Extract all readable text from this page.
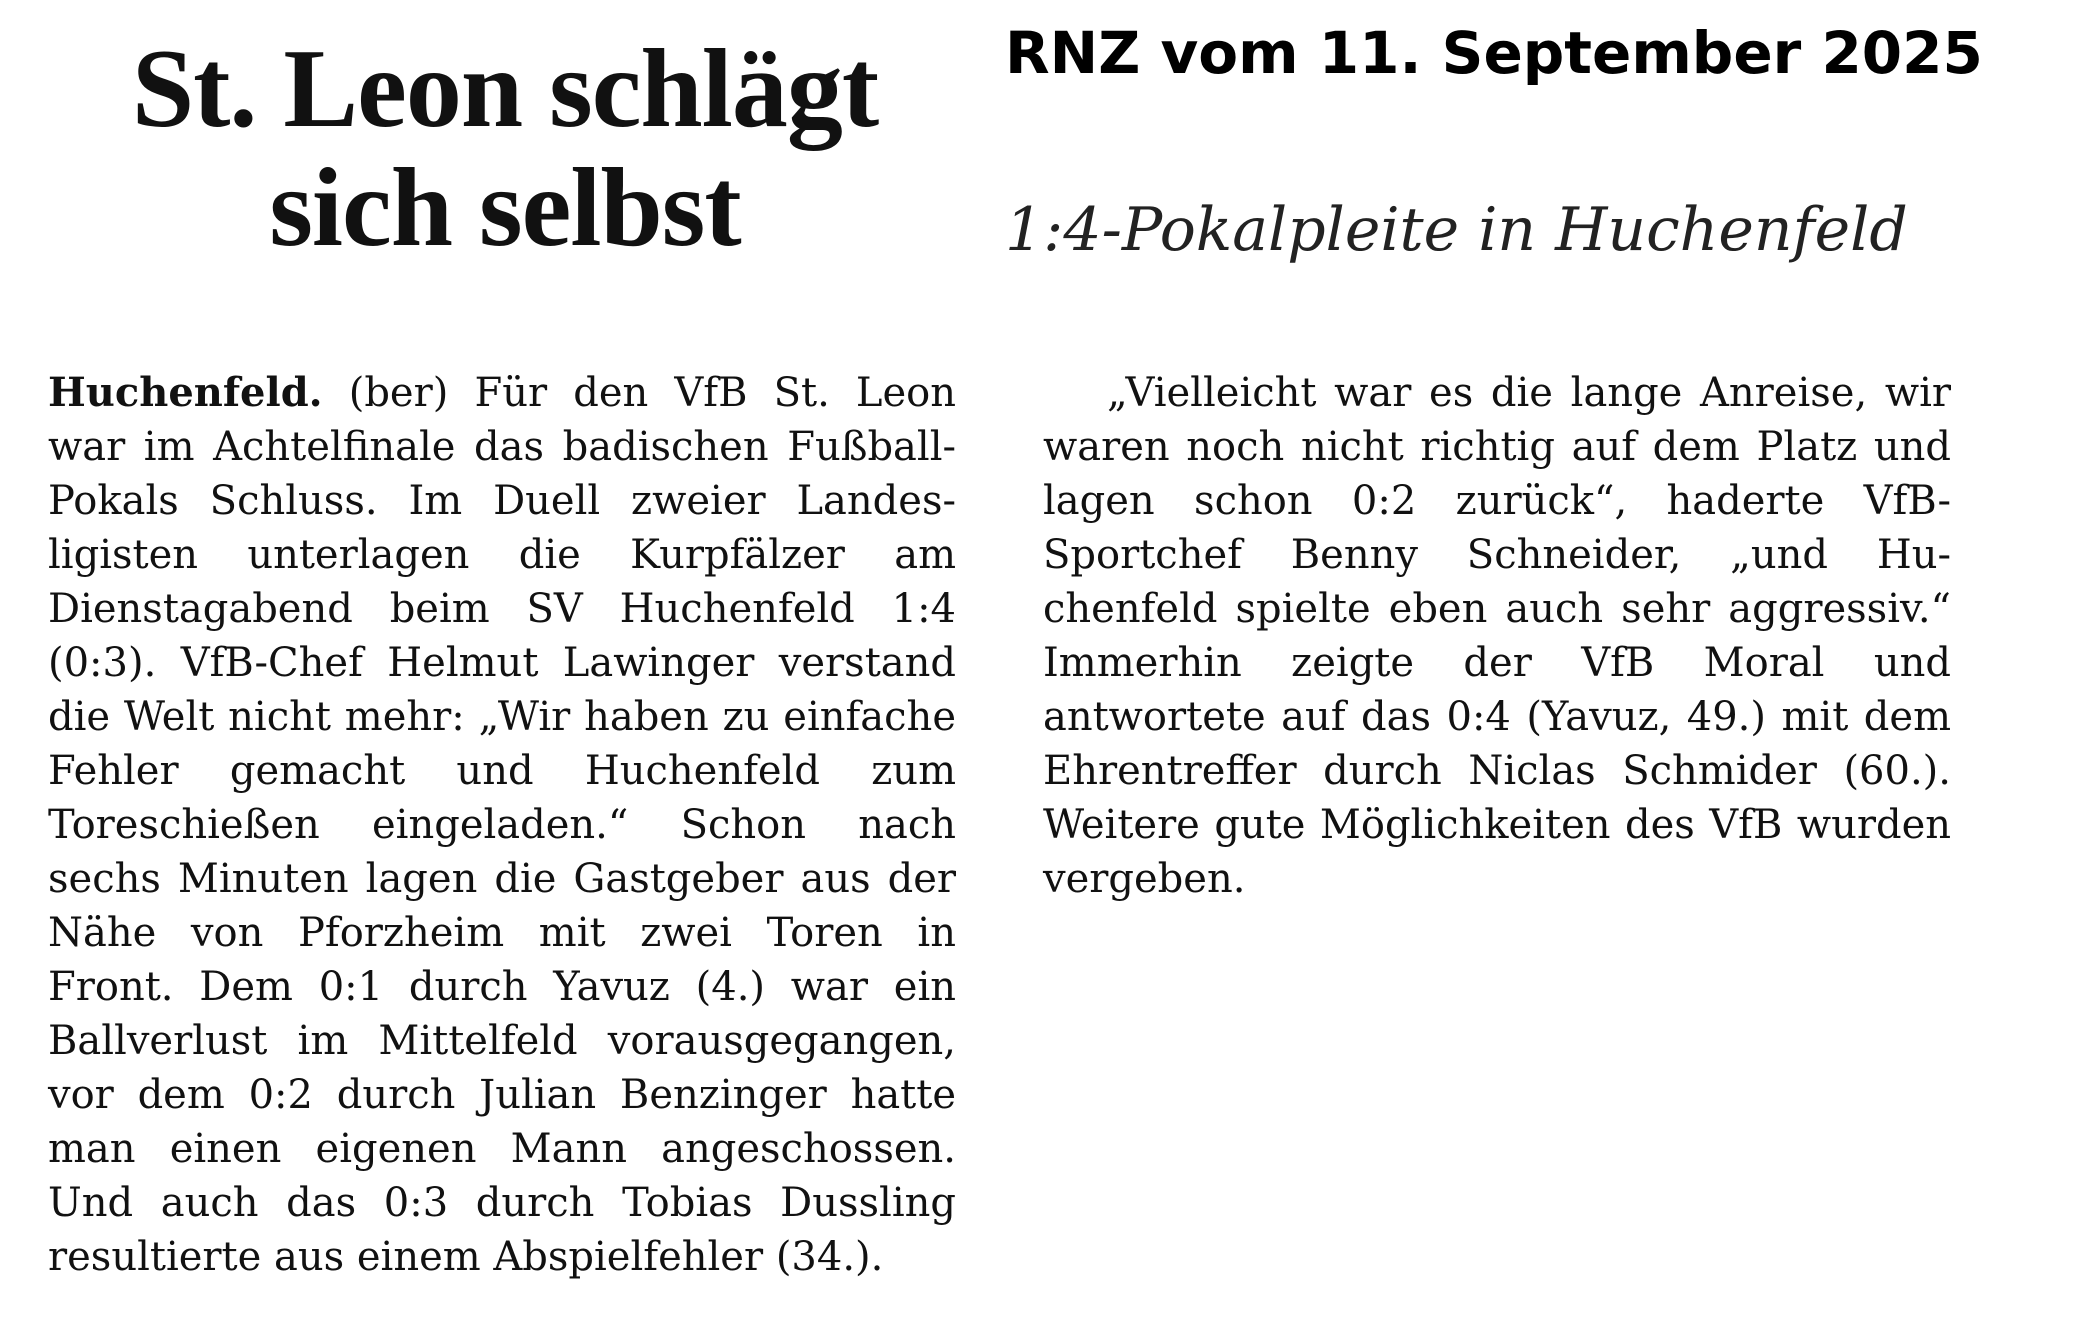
St. Leon schlägt
sich selbst
RNZ vom 11. September 2025
1:4-Pokalpleite in Huchenfeld

Huchenfeld. (ber) Für den VfB St. Leon war im Achtelfinale das badischen Fußball-Pokals Schluss. Im Duell zweier Landesligisten unterlagen die Kurpfälzer am Dienstagabend beim SV Huchenfeld 1:4 (0:3). VfB-Chef Helmut Lawinger verstand die Welt nicht mehr: „Wir haben zu einfache Fehler gemacht und Huchenfeld zum Toreschießen eingeladen.“ Schon nach sechs Minuten lagen die Gastgeber aus der Nähe von Pforzheim mit zwei Toren in Front. Dem 0:1 durch Yavuz (4.) war ein Ballverlust im Mittelfeld vorausgegangen, vor dem 0:2 durch Julian Benzinger hatte man einen eigenen Mann angeschossen. Und auch das 0:3 durch Tobias Dussling resultierte aus einem Abspielfehler (34.).

„Vielleicht war es die lange Anreise, wir waren noch nicht richtig auf dem Platz und lagen schon 0:2 zurück“, haderte VfB-Sportchef Benny Schneider, „und Huchenfeld spielte eben auch sehr aggressiv.“ Immerhin zeigte der VfB Moral und antwortete auf das 0:4 (Yavuz, 49.) mit dem Ehrentreffer durch Niclas Schmider (60.). Weitere gute Möglichkeiten des VfB wurden vergeben.
